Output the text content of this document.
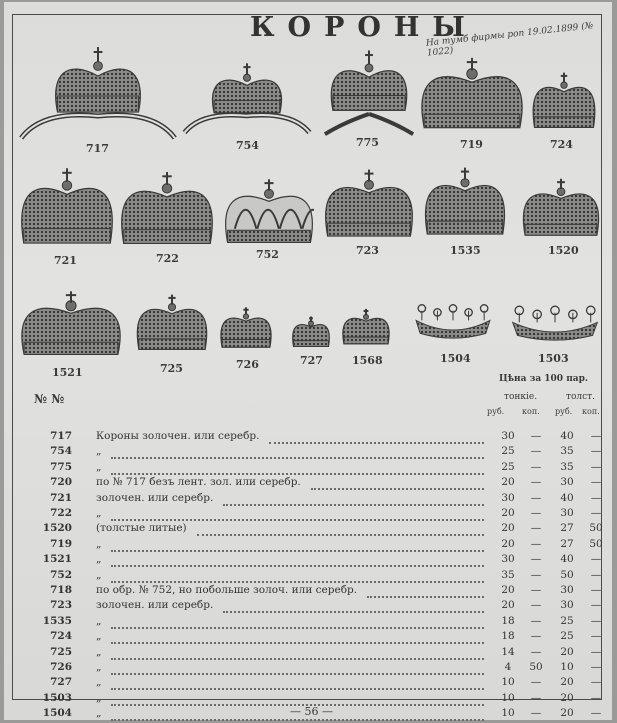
КОРОНЫ
На тумб фирмы роп 19.02.1899 (№ 1022)
717	754	775	719	724
721	722	752	723	1535	1520
1521	725	726	727	1568	1504	1503
№ №
Цѣна за 100 пар.
тонкіе.	толст.
руб. коп. руб. коп.
717 Короны золочен. или серебр.	30	—	40	—
754 „	25	—	35	—
775 „	25	—	35	—
720 по № 717 безъ лент. зол. или серебр.	20	—	30	—
721 золочен. или серебр.	30	—	40	—
722 „	20	—	30	—
1520 (толстые литые)	20	—	27	50
719 „	20	—	27	50
1521 „	30	—	40	—
752 „	35	—	50	—
718 по обр. № 752, но побольше золоч. или серебр.	20	—	30	—
723 золочен. или серебр.	20	—	30	—
1535 „	18	—	25	—
724 „	18	—	25	—
725 „	14	—	20	—
726 „	4	50	10	—
727 „	10	—	20	—
1503 „	10	—	20	—
1504 „	10	—	20	—
— 56 —
